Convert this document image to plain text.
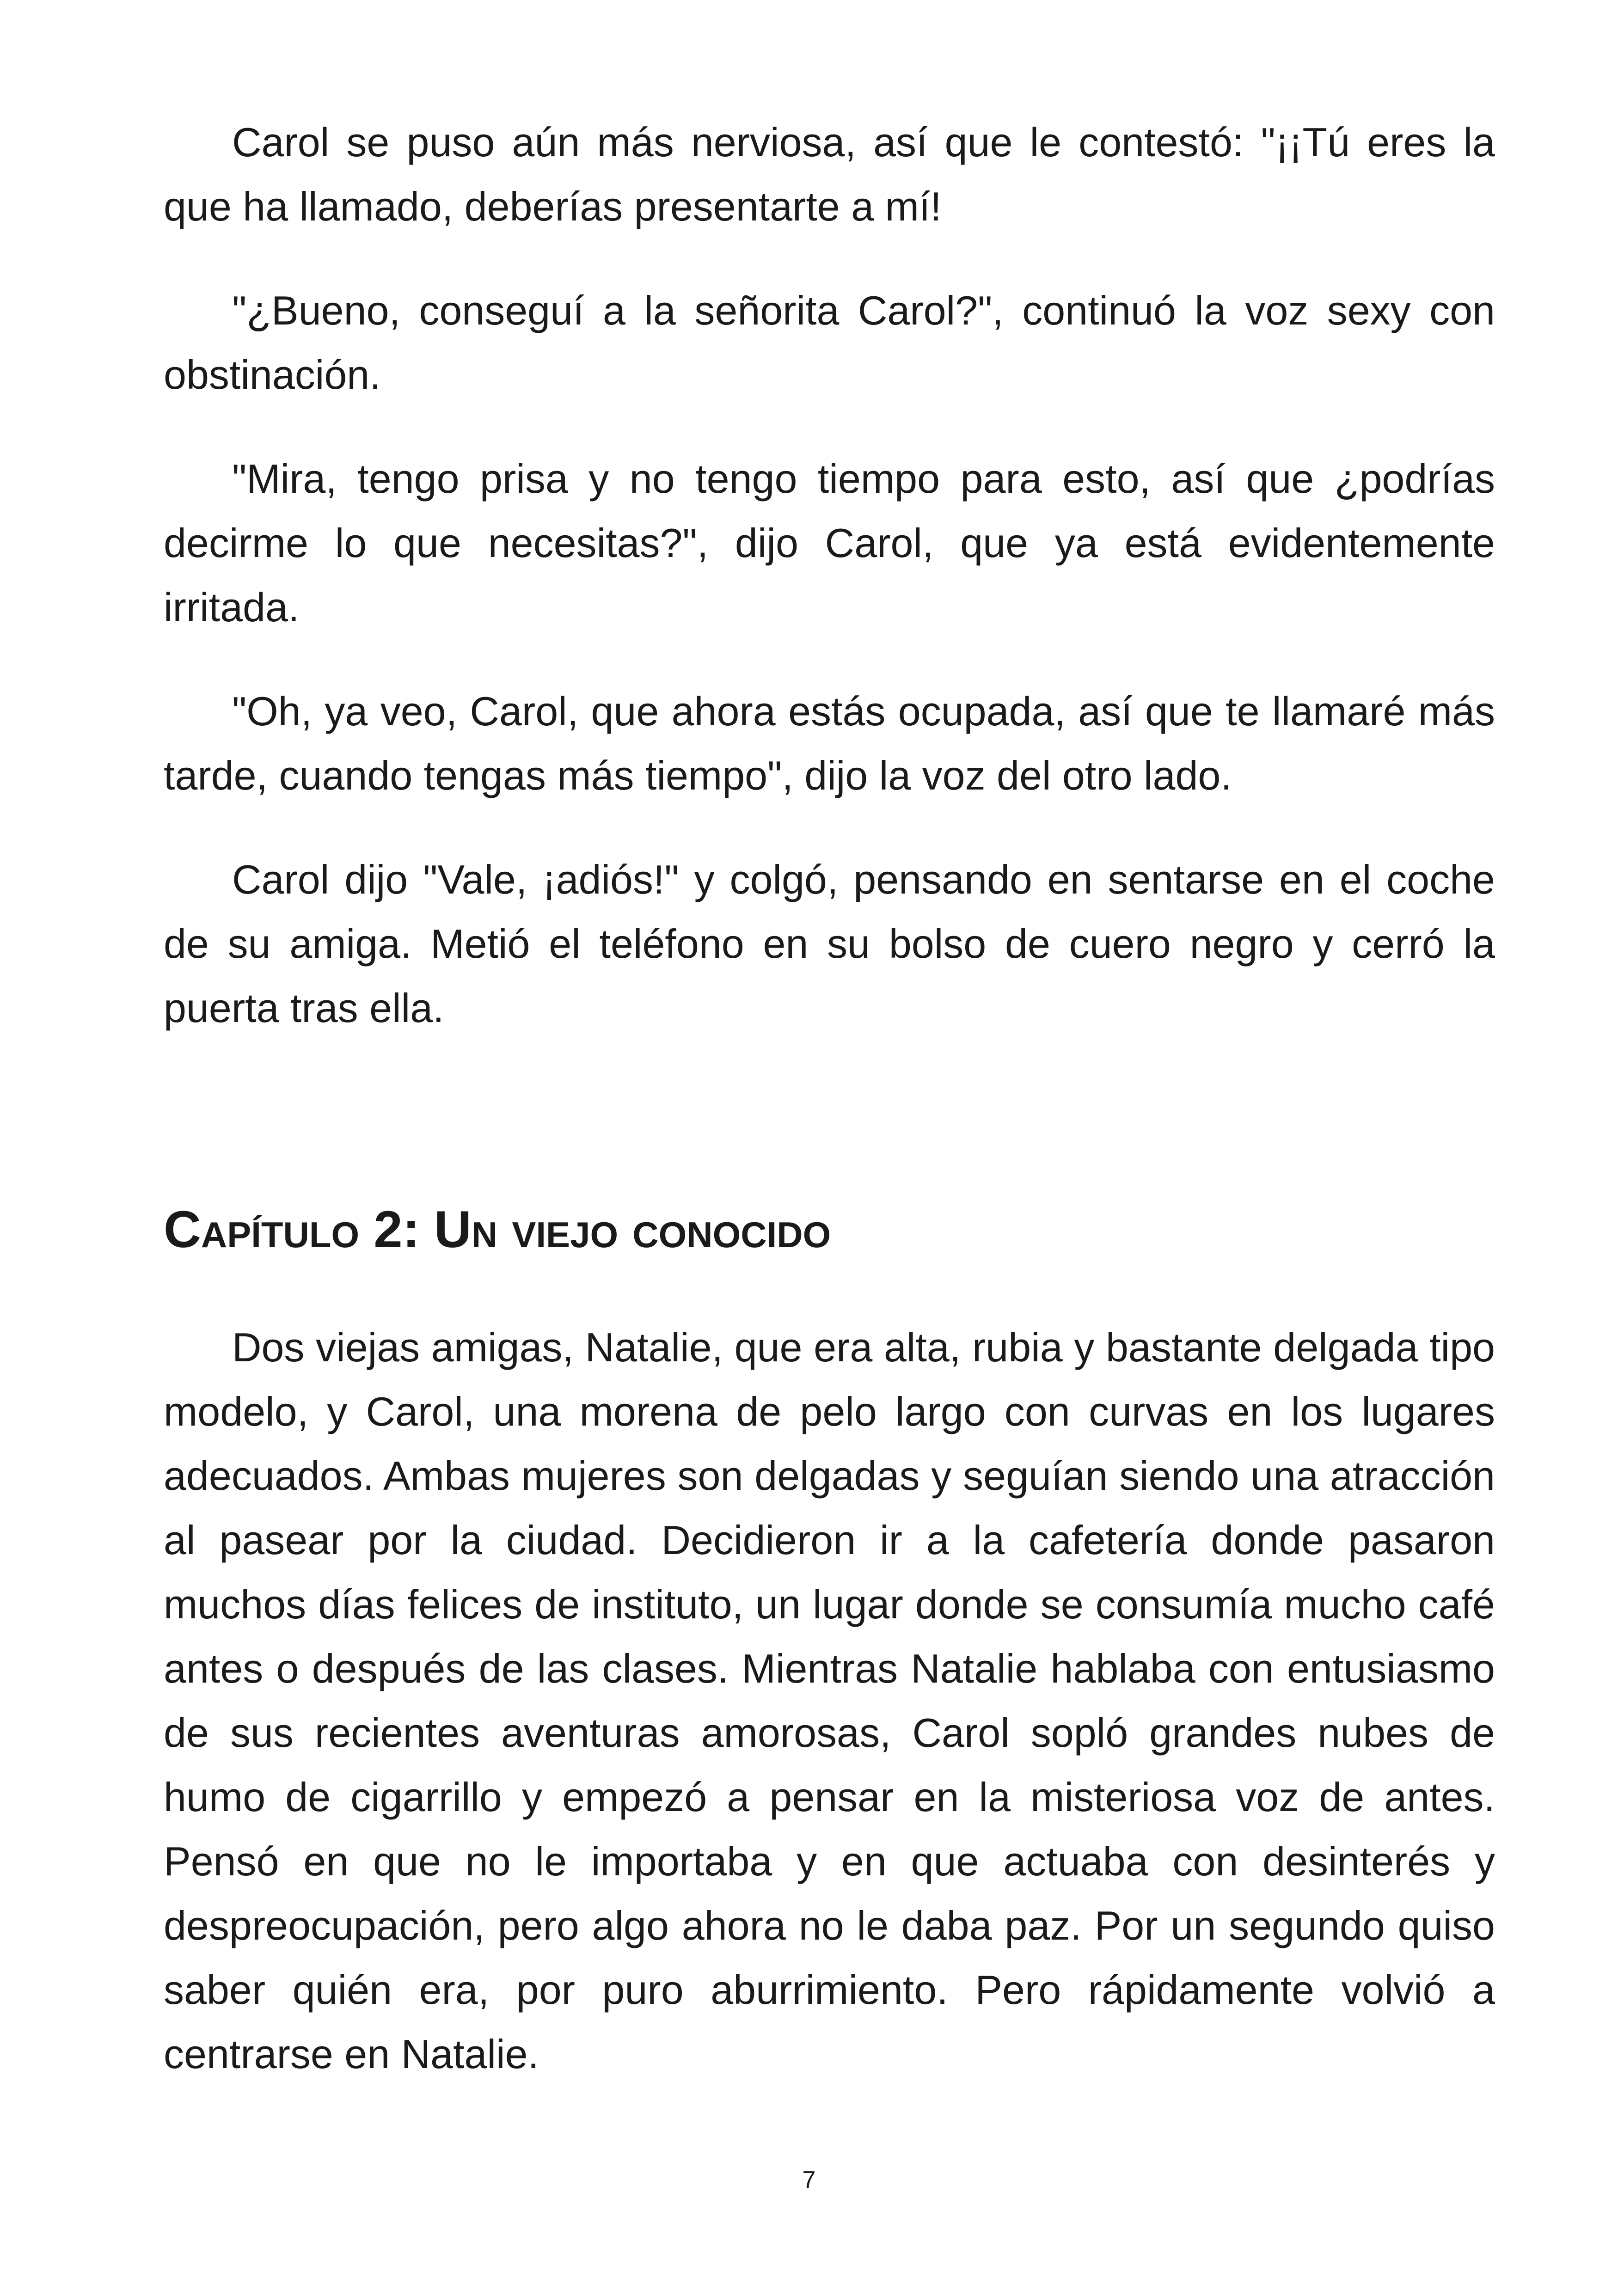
Carol se puso aún más nerviosa, así que le contestó: "¡¡Tú eres la que ha llamado, deberías presentarte a mí!

"¿Bueno, conseguí a la señorita Carol?", continuó la voz sexy con obstinación.

"Mira, tengo prisa y no tengo tiempo para esto, así que ¿podrías decirme lo que necesitas?", dijo Carol, que ya está evidentemente irritada.

"Oh, ya veo, Carol, que ahora estás ocupada, así que te llamaré más tarde, cuando tengas más tiempo", dijo la voz del otro lado.

Carol dijo "Vale, ¡adiós!" y colgó, pensando en sentarse en el coche de su amiga. Metió el teléfono en su bolso de cuero negro y cerró la puerta tras ella.

Capítulo 2: Un viejo conocido

Dos viejas amigas, Natalie, que era alta, rubia y bastante delgada tipo modelo, y Carol, una morena de pelo largo con curvas en los lugares adecuados. Ambas mujeres son delgadas y seguían siendo una atracción al pasear por la ciudad. Decidieron ir a la cafetería donde pasaron muchos días felices de instituto, un lugar donde se consumía mucho café antes o después de las clases. Mientras Natalie hablaba con entusiasmo de sus recientes aventuras amorosas, Carol sopló grandes nubes de humo de cigarrillo y empezó a pensar en la misteriosa voz de antes. Pensó en que no le importaba y en que actuaba con desinterés y despreocupación, pero algo ahora no le daba paz. Por un segundo quiso saber quién era, por puro aburrimiento. Pero rápidamente volvió a centrarse en Natalie.

7
